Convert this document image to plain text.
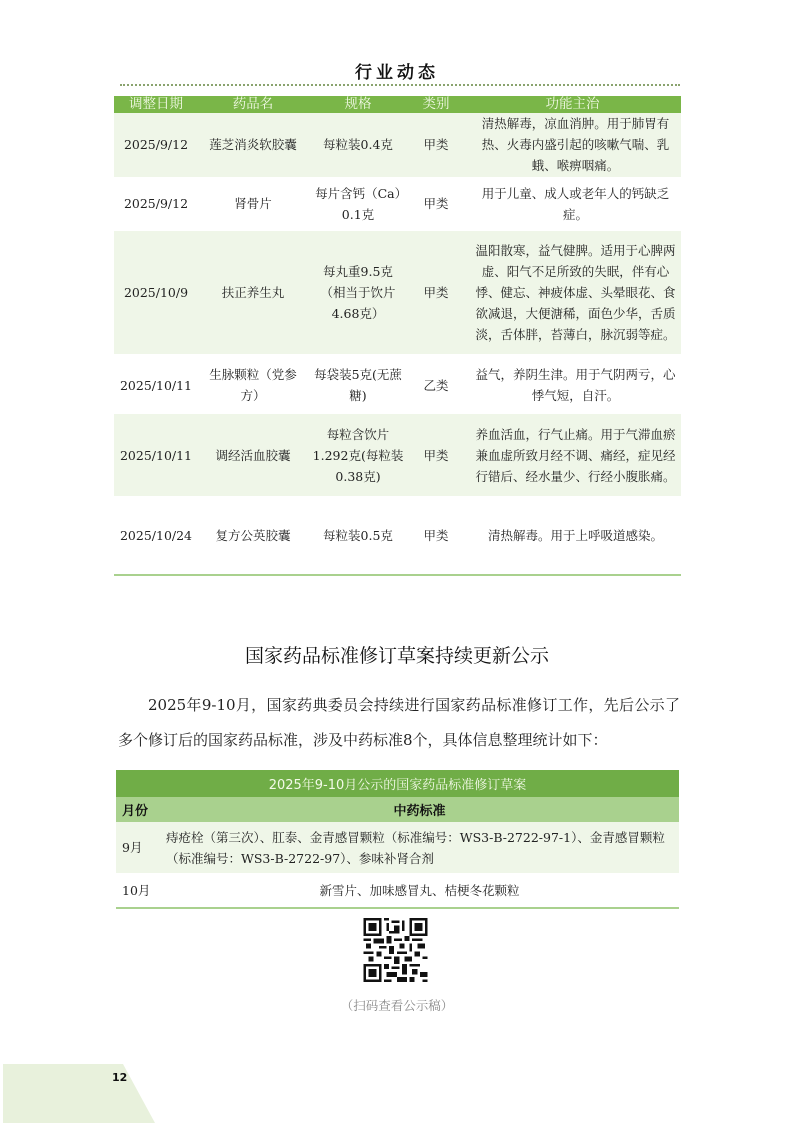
行业动态
调整日期	药品名	规格	类别	功能主治
2025/9/12	莲芝消炎软胶囊	每粒装0.4克	甲类	清热解毒，凉血消肿。用于肺胃有热、火毒内盛引起的咳嗽气喘、乳蛾、喉痹咽痛。
2025/9/12	肾骨片	每片含钙（Ca）0.1克	甲类	用于儿童、成人或老年人的钙缺乏症。
2025/10/9	扶正养生丸	每丸重9.5克（相当于饮片4.68克）	甲类	温阳散寒，益气健脾。适用于心脾两虚、阳气不足所致的失眠，伴有心悸、健忘、神疲体虚、头晕眼花、食欲减退，大便溏稀，面色少华，舌质淡，舌体胖，苔薄白，脉沉弱等症。
2025/10/11	生脉颗粒（党参方）	每袋装5克(无蔗糖)	乙类	益气，养阴生津。用于气阴两亏，心悸气短，自汗。
2025/10/11	调经活血胶囊	每粒含饮片1.292克(每粒装0.38克)	甲类	养血活血，行气止痛。用于气滞血瘀兼血虚所致月经不调、痛经，症见经行错后、经水量少、行经小腹胀痛。
2025/10/24	复方公英胶囊	每粒装0.5克	甲类	清热解毒。用于上呼吸道感染。
国家药品标准修订草案持续更新公示
2025年9-10月，国家药典委员会持续进行国家药品标准修订工作，先后公示了多个修订后的国家药品标准，涉及中药标准8个，具体信息整理统计如下：
2025年9-10月公示的国家药品标准修订草案	
月份	中药标准
9月	痔疮栓（第三次）、肛泰、金青感冒颗粒（标准编号：WS3-B-2722-97-1）、金青感冒颗粒（标准编号：WS3-B-2722-97）、参味补肾合剂
10月	新雪片、加味感冒丸、桔梗冬花颗粒
（扫码查看公示稿）
12
